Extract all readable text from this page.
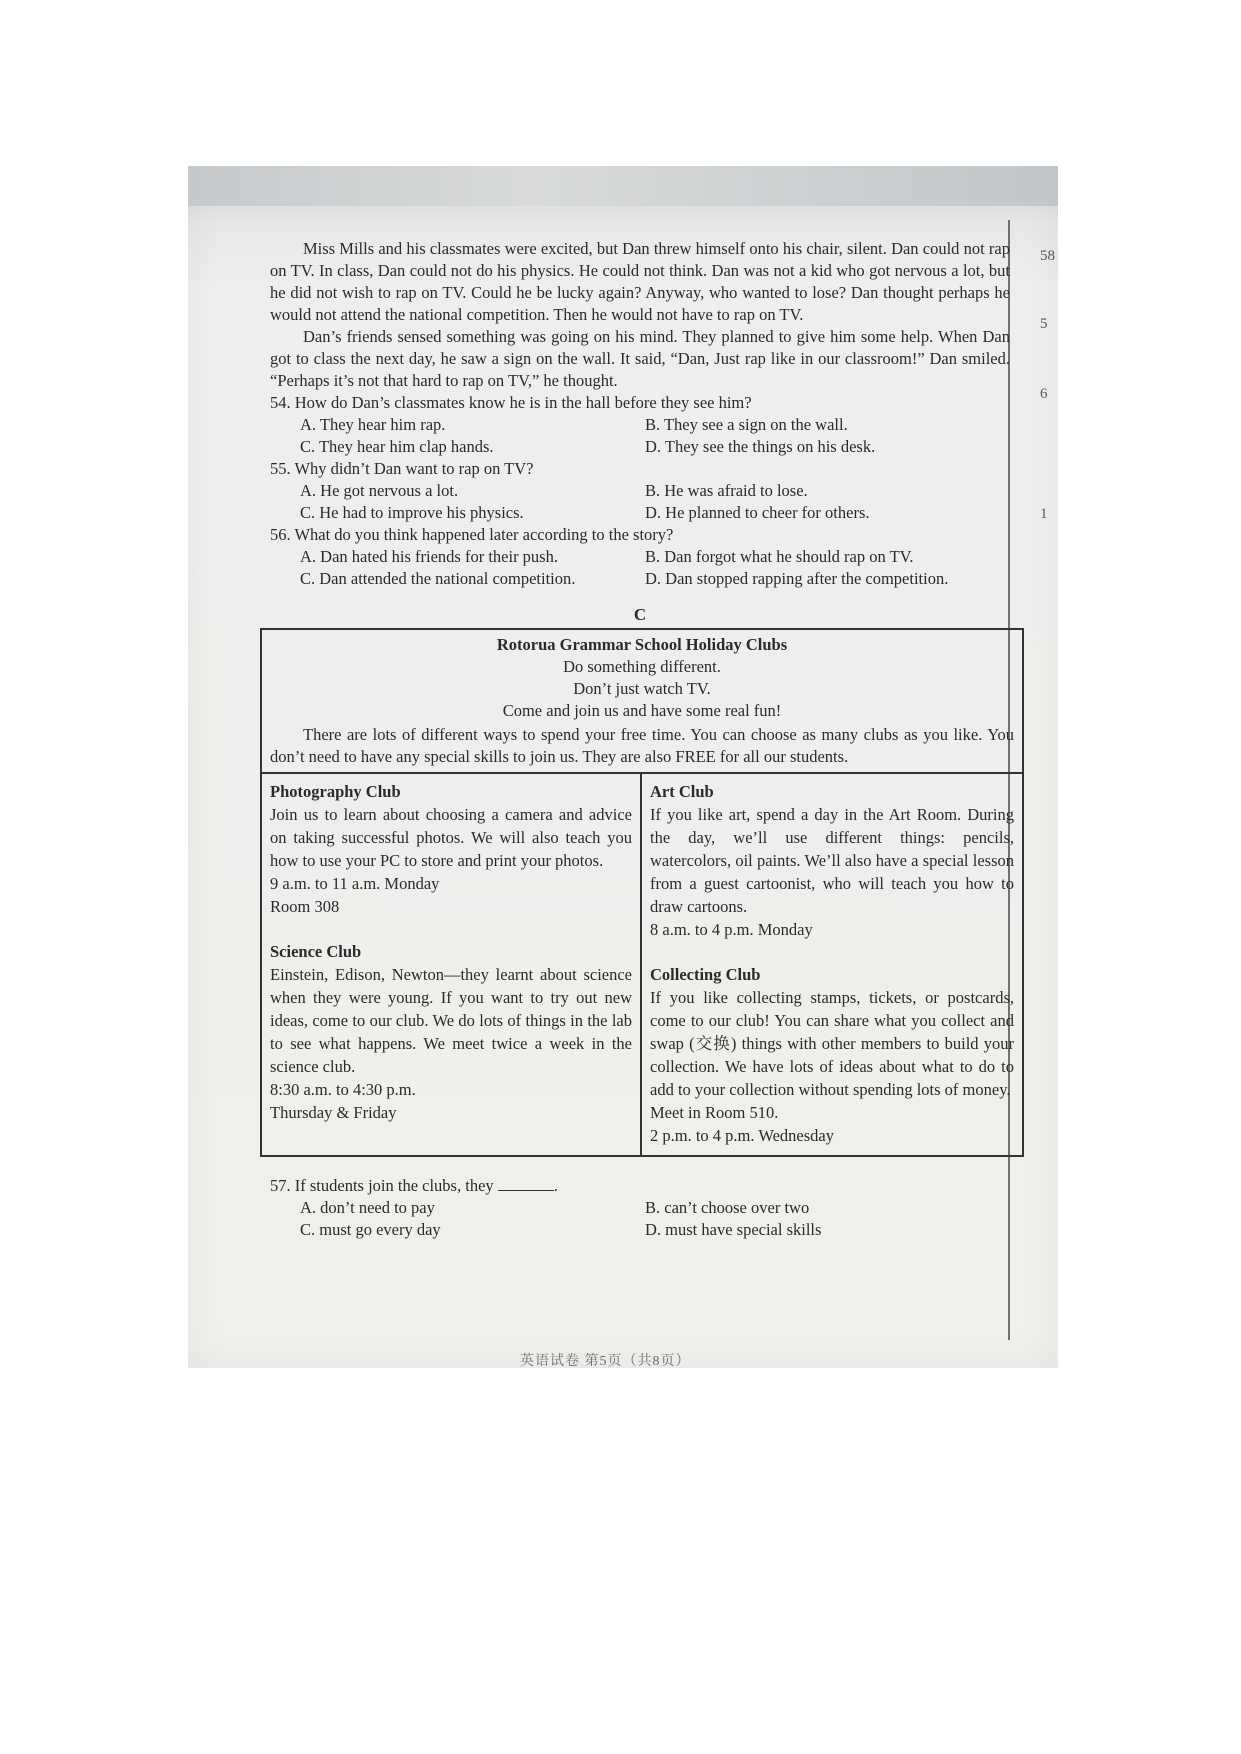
58
5
6
1

Miss Mills and his classmates were excited, but Dan threw himself onto his chair, silent. Dan could not rap on TV. In class, Dan could not do his physics. He could not think. Dan was not a kid who got nervous a lot, but he did not wish to rap on TV. Could he be lucky again? Anyway, who wanted to lose? Dan thought perhaps he would not attend the national competition. Then he would not have to rap on TV.

Dan’s friends sensed something was going on his mind. They planned to give him some help. When Dan got to class the next day, he saw a sign on the wall. It said, “Dan, Just rap like in our classroom!” Dan smiled. “Perhaps it’s not that hard to rap on TV,” he thought.

54. How do Dan’s classmates know he is in the hall before they see him?

A. They hear him rap.	B. They see a sign on the wall.
C. They hear him clap hands.	D. They see the things on his desk.

55. Why didn’t Dan want to rap on TV?

A. He got nervous a lot.	B. He was afraid to lose.
C. He had to improve his physics.	D. He planned to cheer for others.

56. What do you think happened later according to the story?

A. Dan hated his friends for their push.	B. Dan forgot what he should rap on TV.
C. Dan attended the national competition.	D. Dan stopped rapping after the competition.
C
Rotorua Grammar School Holiday Clubs
Do something different.
Don’t just watch TV.
Come and join us and have some real fun!

There are lots of different ways to spend your free time. You can choose as many clubs as you like. You don’t need to have any special skills to join us. They are also FREE for all our students.

Photography Club

Join us to learn about choosing a camera and advice on taking successful photos. We will also teach you how to use your PC to store and print your photos.

9 a.m. to 11 a.m. Monday
Room 308
Science Club

Einstein, Edison, Newton—they learnt about science when they were young. If you want to try out new ideas, come to our club. We do lots of things in the lab to see what happens. We meet twice a week in the science club.

8:30 a.m. to 4:30 p.m.
Thursday & Friday
Art Club

If you like art, spend a day in the Art Room. During the day, we’ll use different things: pencils, watercolors, oil paints. We’ll also have a special lesson from a guest cartoonist, who will teach you how to draw cartoons.

8 a.m. to 4 p.m. Monday
Collecting Club

If you like collecting stamps, tickets, or postcards, come to our club! You can share what you collect and swap (交换) things with other members to build your collection. We have lots of ideas about what to do to add to your collection without spending lots of money.

Meet in Room 510.
2 p.m. to 4 p.m. Wednesday

57. If students join the clubs, they	.

A. don’t need to pay	B. can’t choose over two
C. must go every day	D. must have special skills
英语试卷 第5页（共8页）
